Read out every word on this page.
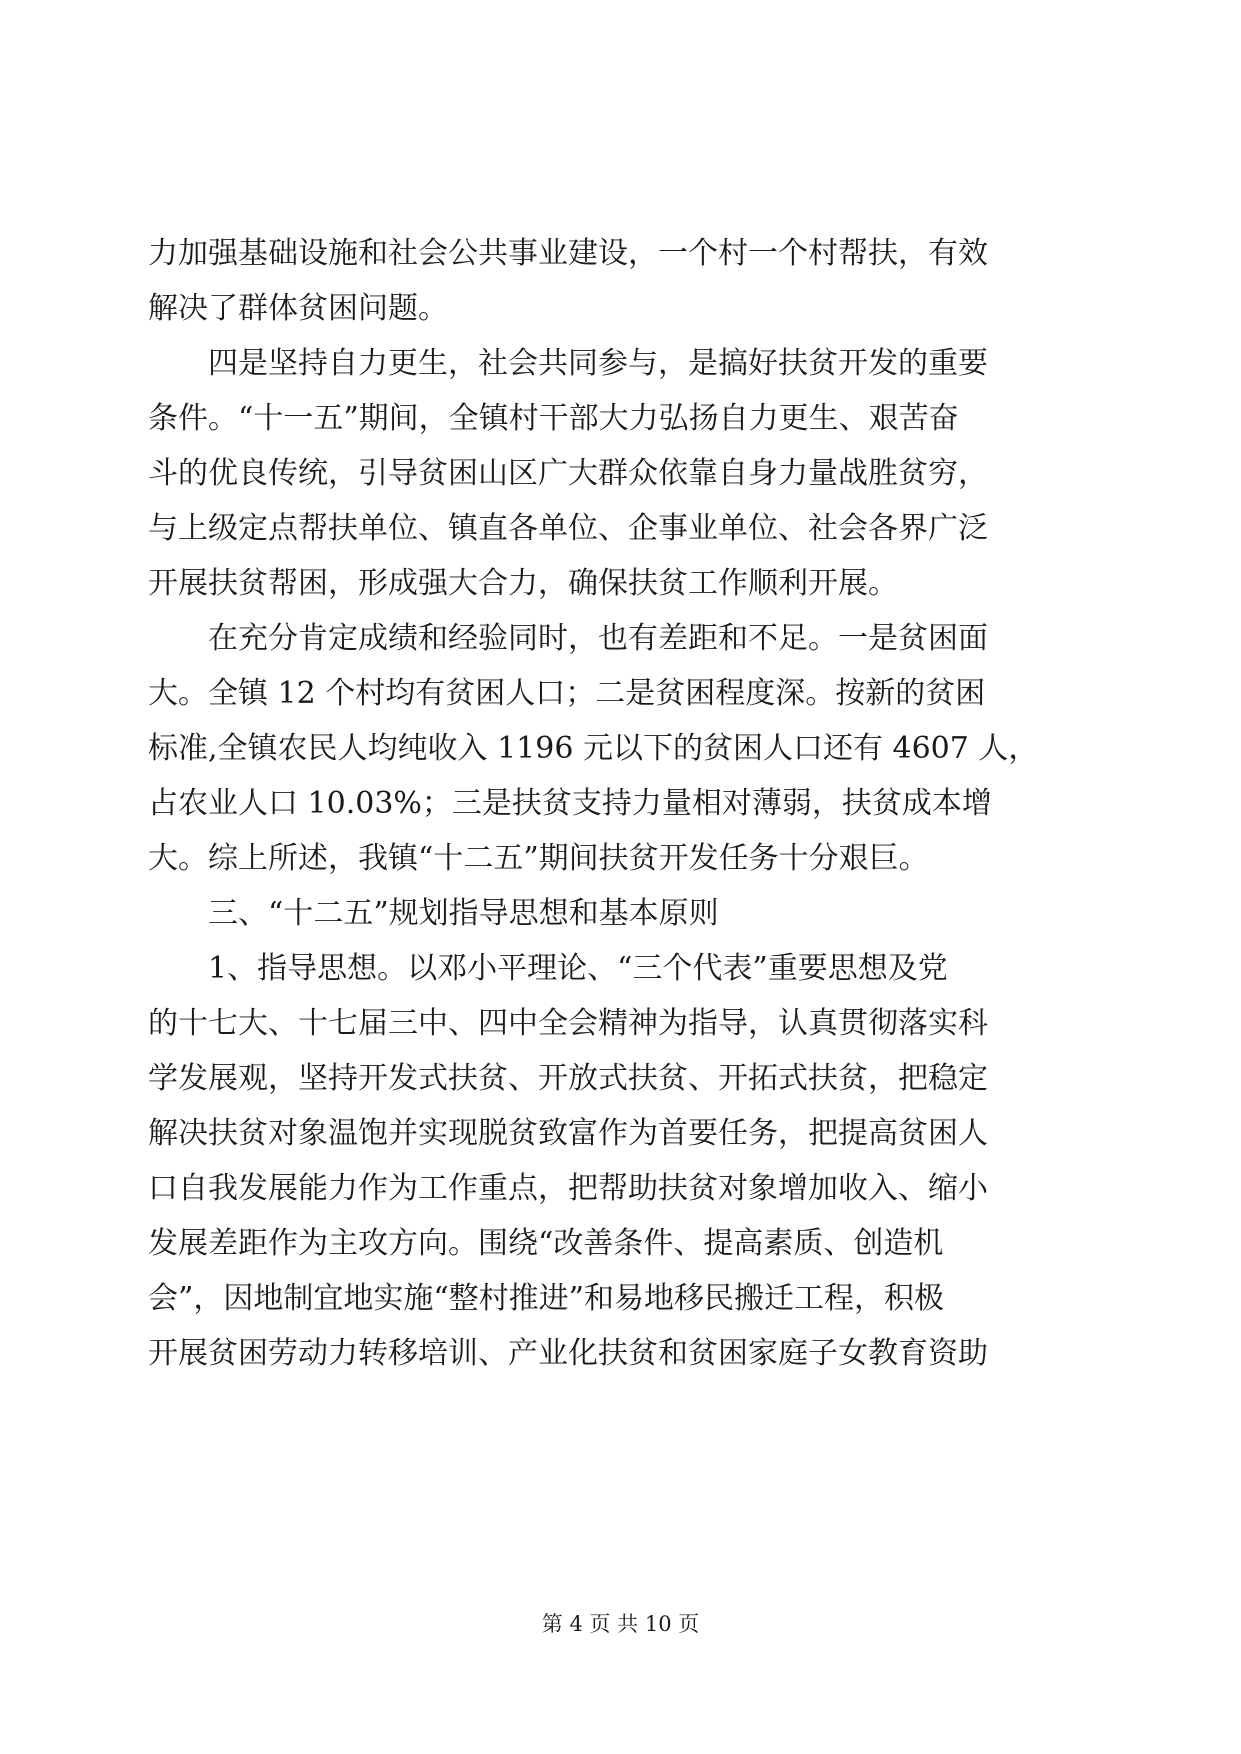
力加强基础设施和社会公共事业建设，一个村一个村帮扶，有效
解决了群体贫困问题。
四是坚持自力更生，社会共同参与，是搞好扶贫开发的重要
条件。“十一五”期间，全镇村干部大力弘扬自力更生、艰苦奋
斗的优良传统，引导贫困山区广大群众依靠自身力量战胜贫穷，
与上级定点帮扶单位、镇直各单位、企事业单位、社会各界广泛
开展扶贫帮困，形成强大合力，确保扶贫工作顺利开展。
在充分肯定成绩和经验同时，也有差距和不足。一是贫困面
大。全镇 12 个村均有贫困人口；二是贫困程度深。按新的贫困
标准,全镇农民人均纯收入 1196 元以下的贫困人口还有 4607 人，
占农业人口 10.03%；三是扶贫支持力量相对薄弱，扶贫成本增
大。综上所述，我镇“十二五”期间扶贫开发任务十分艰巨。
三、“十二五”规划指导思想和基本原则
1、指导思想。以邓小平理论、“三个代表”重要思想及党
的十七大、十七届三中、四中全会精神为指导，认真贯彻落实科
学发展观，坚持开发式扶贫、开放式扶贫、开拓式扶贫，把稳定
解决扶贫对象温饱并实现脱贫致富作为首要任务，把提高贫困人
口自我发展能力作为工作重点，把帮助扶贫对象增加收入、缩小
发展差距作为主攻方向。围绕“改善条件、提高素质、创造机
会”，因地制宜地实施“整村推进”和易地移民搬迁工程，积极
开展贫困劳动力转移培训、产业化扶贫和贫困家庭子女教育资助
第 4 页 共 10 页
